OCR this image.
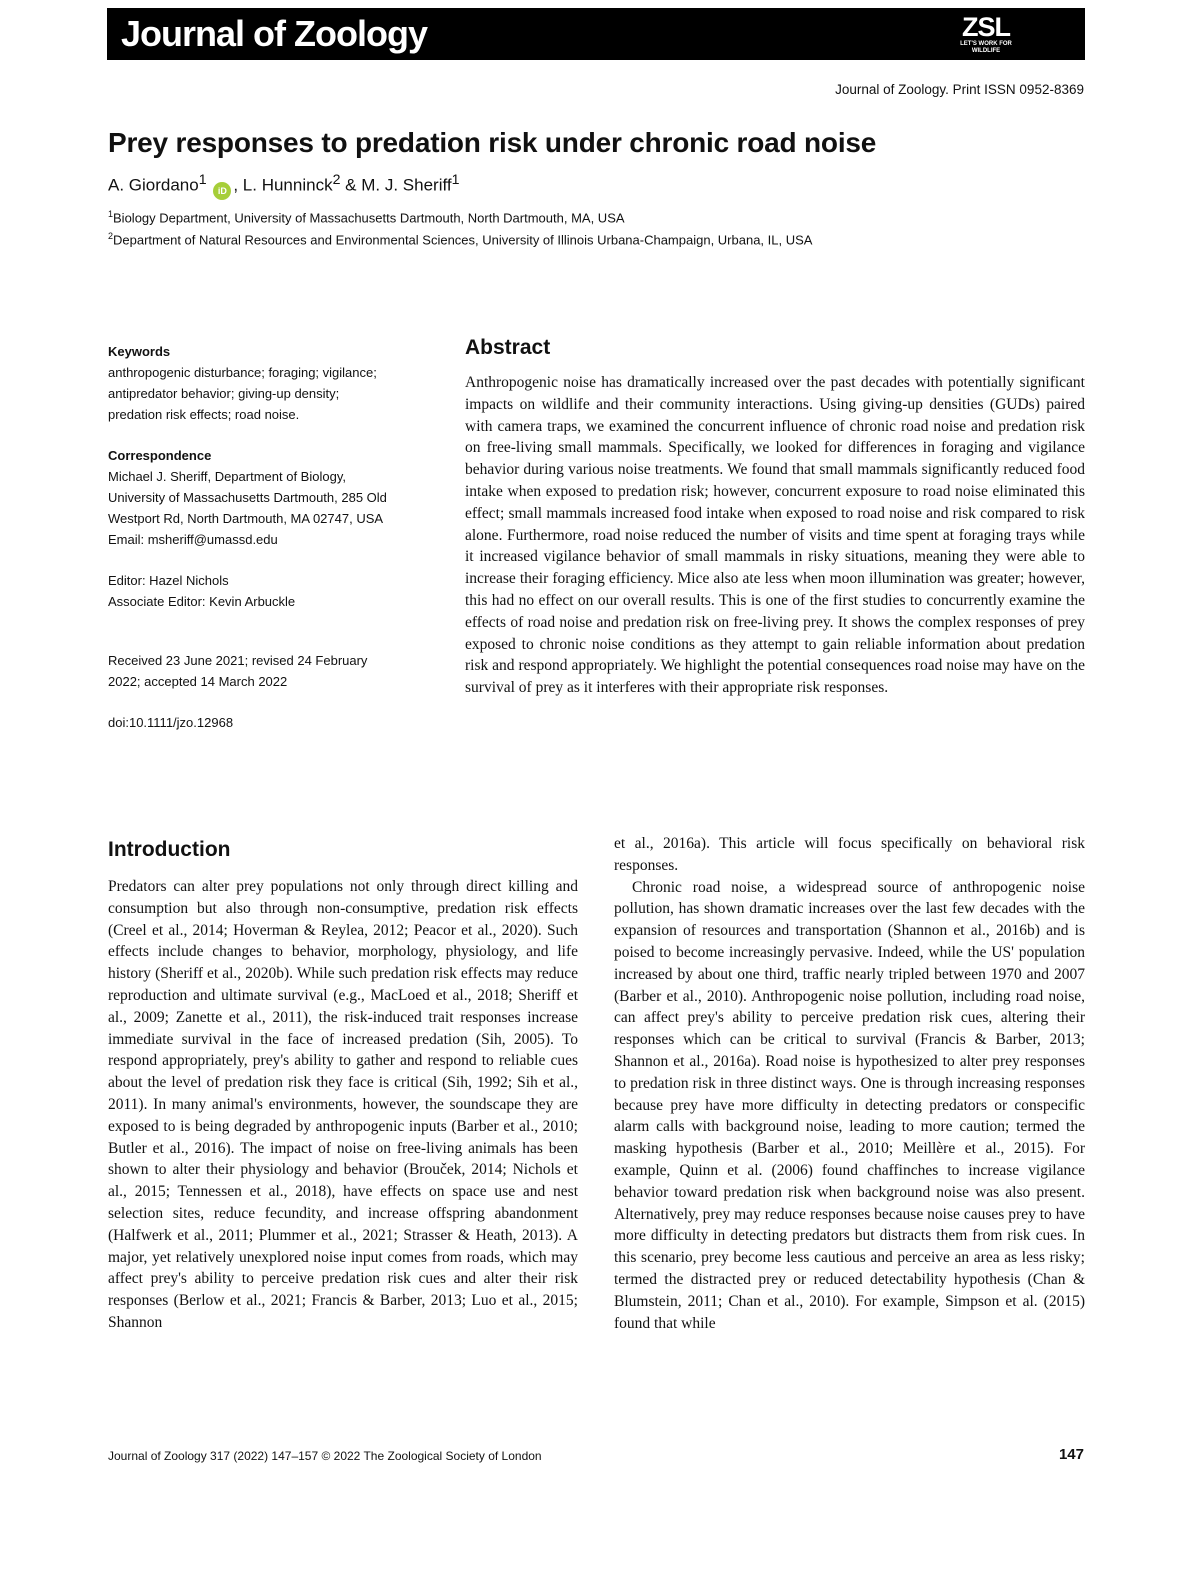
Journal of Zoology	ZSL
LET'S WORK FOR WILDLIFE
Journal of Zoology. Print ISSN 0952-8369
Prey responses to predation risk under chronic road noise
A. Giordano$^1$ iD , L. Hunninck$^2$ & M. J. Sheriff$^1$
$^1$Biology Department, University of Massachusetts Dartmouth, North Dartmouth, MA, USA
$^2$Department of Natural Resources and Environmental Sciences, University of Illinois Urbana-Champaign, Urbana, IL, USA
Keywords
anthropogenic disturbance; foraging; vigilance;
antipredator behavior; giving-up density;
predation risk effects; road noise.
Correspondence
Michael J. Sheriff, Department of Biology,
University of Massachusetts Dartmouth, 285 Old
Westport Rd, North Dartmouth, MA 02747, USA
Email: msheriff@umassd.edu
Editor: Hazel Nichols
Associate Editor: Kevin Arbuckle
Received 23 June 2021; revised 24 February
2022; accepted 14 March 2022
doi:10.1111/jzo.12968
Abstract

Anthropogenic noise has dramatically increased over the past decades with potentially significant impacts on wildlife and their community interactions. Using giving-up densities (GUDs) paired with camera traps, we examined the concurrent influence of chronic road noise and predation risk on free-living small mammals. Specifically, we looked for differences in foraging and vigilance behavior during various noise treatments. We found that small mammals significantly reduced food intake when exposed to predation risk; however, concurrent exposure to road noise eliminated this effect; small mammals increased food intake when exposed to road noise and risk compared to risk alone. Furthermore, road noise reduced the number of visits and time spent at foraging trays while it increased vigilance behavior of small mammals in risky situations, meaning they were able to increase their foraging efficiency. Mice also ate less when moon illumination was greater; however, this had no effect on our overall results. This is one of the first studies to concurrently examine the effects of road noise and predation risk on free-living prey. It shows the complex responses of prey exposed to chronic noise conditions as they attempt to gain reliable information about predation risk and respond appropriately. We highlight the potential consequences road noise may have on the survival of prey as it interferes with their appropriate risk responses.

Introduction

Predators can alter prey populations not only through direct killing and consumption but also through non-consumptive, predation risk effects (Creel et al., 2014; Hoverman & Reylea, 2012; Peacor et al., 2020). Such effects include changes to behavior, morphology, physiology, and life history (Sheriff et al., 2020b). While such predation risk effects may reduce reproduction and ultimate survival (e.g., MacLoed et al., 2018; Sheriff et al., 2009; Zanette et al., 2011), the risk-induced trait responses increase immediate survival in the face of increased predation (Sih, 2005). To respond appropriately, prey's ability to gather and respond to reliable cues about the level of predation risk they face is critical (Sih, 1992; Sih et al., 2011). In many animal's environments, however, the soundscape they are exposed to is being degraded by anthropogenic inputs (Barber et al., 2010; Butler et al., 2016). The impact of noise on free-living animals has been shown to alter their physiology and behavior (Brouček, 2014; Nichols et al., 2015; Tennessen et al., 2018), have effects on space use and nest selection sites, reduce fecundity, and increase offspring abandonment (Halfwerk et al., 2011; Plummer et al., 2021; Strasser & Heath, 2013). A major, yet relatively unexplored noise input comes from roads, which may affect prey's ability to perceive predation risk cues and alter their risk responses (Berlow et al., 2021; Francis & Barber, 2013; Luo et al., 2015; Shannon

et al., 2016a). This article will focus specifically on behavioral risk responses.

Chronic road noise, a widespread source of anthropogenic noise pollution, has shown dramatic increases over the last few decades with the expansion of resources and transportation (Shannon et al., 2016b) and is poised to become increasingly pervasive. Indeed, while the US' population increased by about one third, traffic nearly tripled between 1970 and 2007 (Barber et al., 2010). Anthropogenic noise pollution, including road noise, can affect prey's ability to perceive predation risk cues, altering their responses which can be critical to survival (Francis & Barber, 2013; Shannon et al., 2016a). Road noise is hypothesized to alter prey responses to predation risk in three distinct ways. One is through increasing responses because prey have more difficulty in detecting predators or conspecific alarm calls with background noise, leading to more caution; termed the masking hypothesis (Barber et al., 2010; Meillère et al., 2015). For example, Quinn et al. (2006) found chaffinches to increase vigilance behavior toward predation risk when background noise was also present. Alternatively, prey may reduce responses because noise causes prey to have more difficulty in detecting predators but distracts them from risk cues. In this scenario, prey become less cautious and perceive an area as less risky; termed the distracted prey or reduced detectability hypothesis (Chan & Blumstein, 2011; Chan et al., 2010). For example, Simpson et al. (2015) found that while

Journal of Zoology 317 (2022) 147–157 © 2022 The Zoological Society of London	147
